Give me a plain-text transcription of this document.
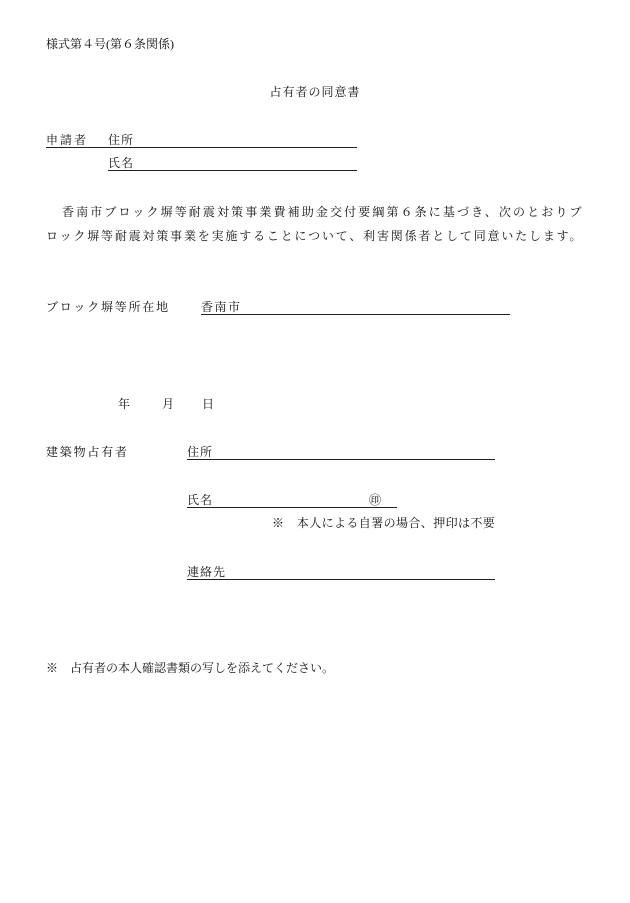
様式第４号(第６条関係)
占有者の同意書
申請者 住所
氏名
香南市ブロック塀等耐震対策事業費補助金交付要綱第６条に基づき、次のとおりブ
ロック塀等耐震対策事業を実施することについて、利害関係者として同意いたします。
ブロック塀等所在地	香南市
年	月 日
建築物占有者	住所
氏名	㊞
※　本人による自署の場合、押印は不要
連絡先
※　占有者の本人確認書類の写しを添えてください。
